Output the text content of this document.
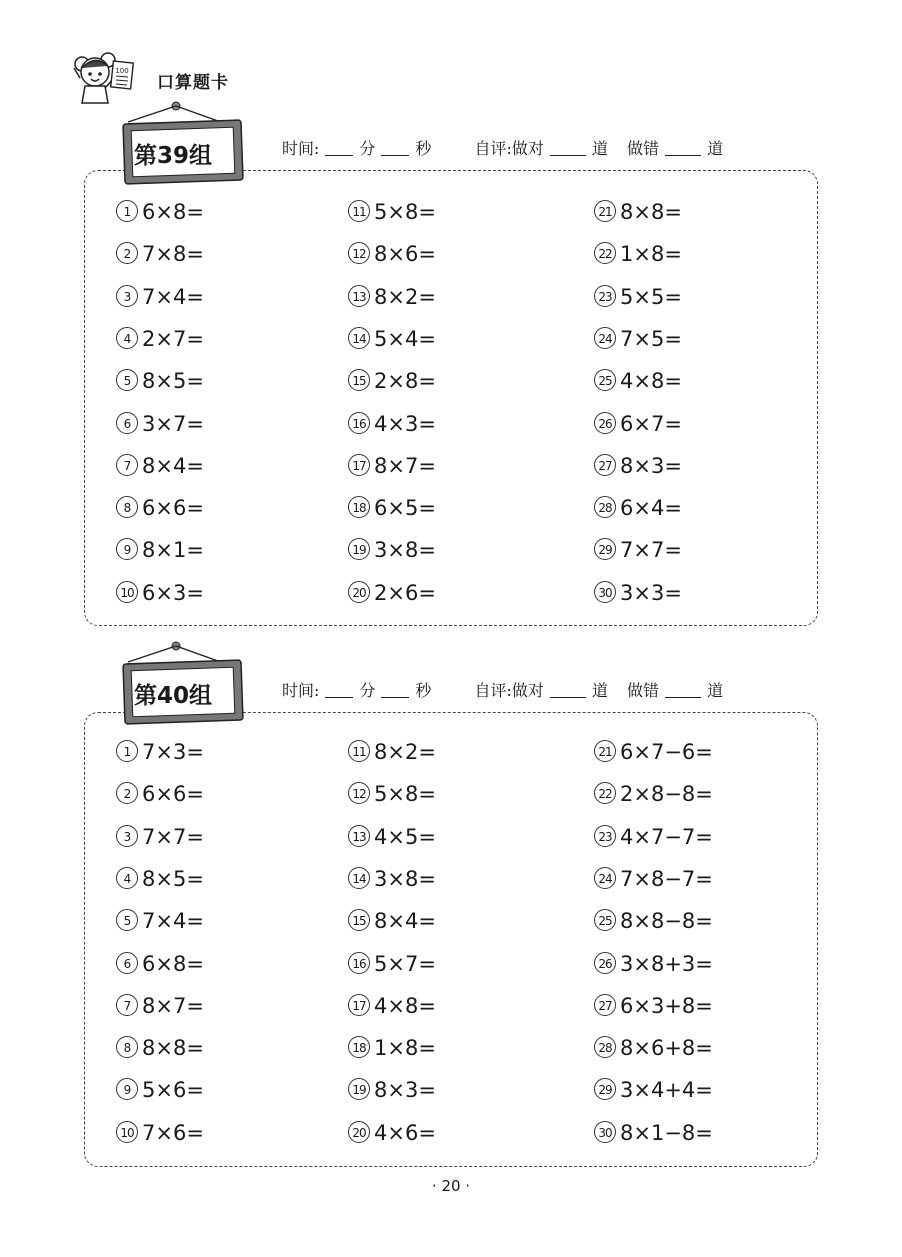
100
口算题卡
第39组	时间:	分	秒	自评:做对	道 做错	道
1 6×8=
2 7×8=
3 7×4=
4 2×7=
5 8×5=
6 3×7=
7 8×4=
8 6×6=
9 8×1=
10 6×3=
11 5×8=
12 8×6=
13 8×2=
14 5×4=
15 2×8=
16 4×3=
17 8×7=
18 6×5=
19 3×8=
20 2×6=
21 8×8=
22 1×8=
23 5×5=
24 7×5=
25 4×8=
26 6×7=
27 8×3=
28 6×4=
29 7×7=
30 3×3=
第40组	时间:	分	秒	自评:做对	道 做错	道
1 7×3=
2 6×6=
3 7×7=
4 8×5=
5 7×4=
6 6×8=
7 8×7=
8 8×8=
9 5×6=
10 7×6=
11 8×2=
12 5×8=
13 4×5=
14 3×8=
15 8×4=
16 5×7=
17 4×8=
18 1×8=
19 8×3=
20 4×6=
21 6×7−6=
22 2×8−8=
23 4×7−7=
24 7×8−7=
25 8×8−8=
26 3×8+3=
27 6×3+8=
28 8×6+8=
29 3×4+4=
30 8×1−8=
· 20 ·
